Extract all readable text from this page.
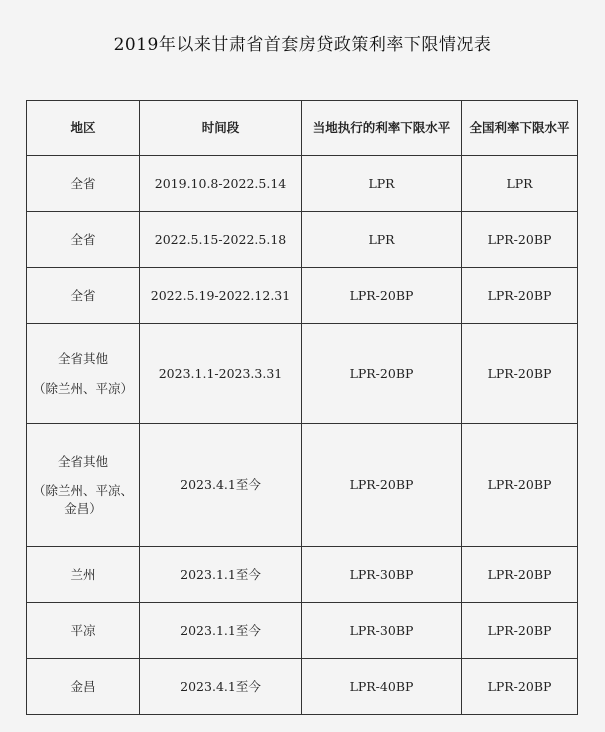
2019年以来甘肃省首套房贷政策利率下限情况表
地区	时间段	当地执行的利率下限水平	全国利率下限水平

全省	2019.10.8-2022.5.14	LPR	LPR

全省	2022.5.15-2022.5.18	LPR	LPR-20BP

全省	2022.5.19-2022.12.31	LPR-20BP	LPR-20BP

全省其他
（除兰州、平凉）	2023.1.1-2023.3.31	LPR-20BP	LPR-20BP

全省其他
（除兰州、平凉、
金昌）	2023.4.1至今	LPR-20BP	LPR-20BP

兰州	2023.1.1至今	LPR-30BP	LPR-20BP

平凉	2023.1.1至今	LPR-30BP	LPR-20BP

金昌	2023.4.1至今	LPR-40BP	LPR-20BP
